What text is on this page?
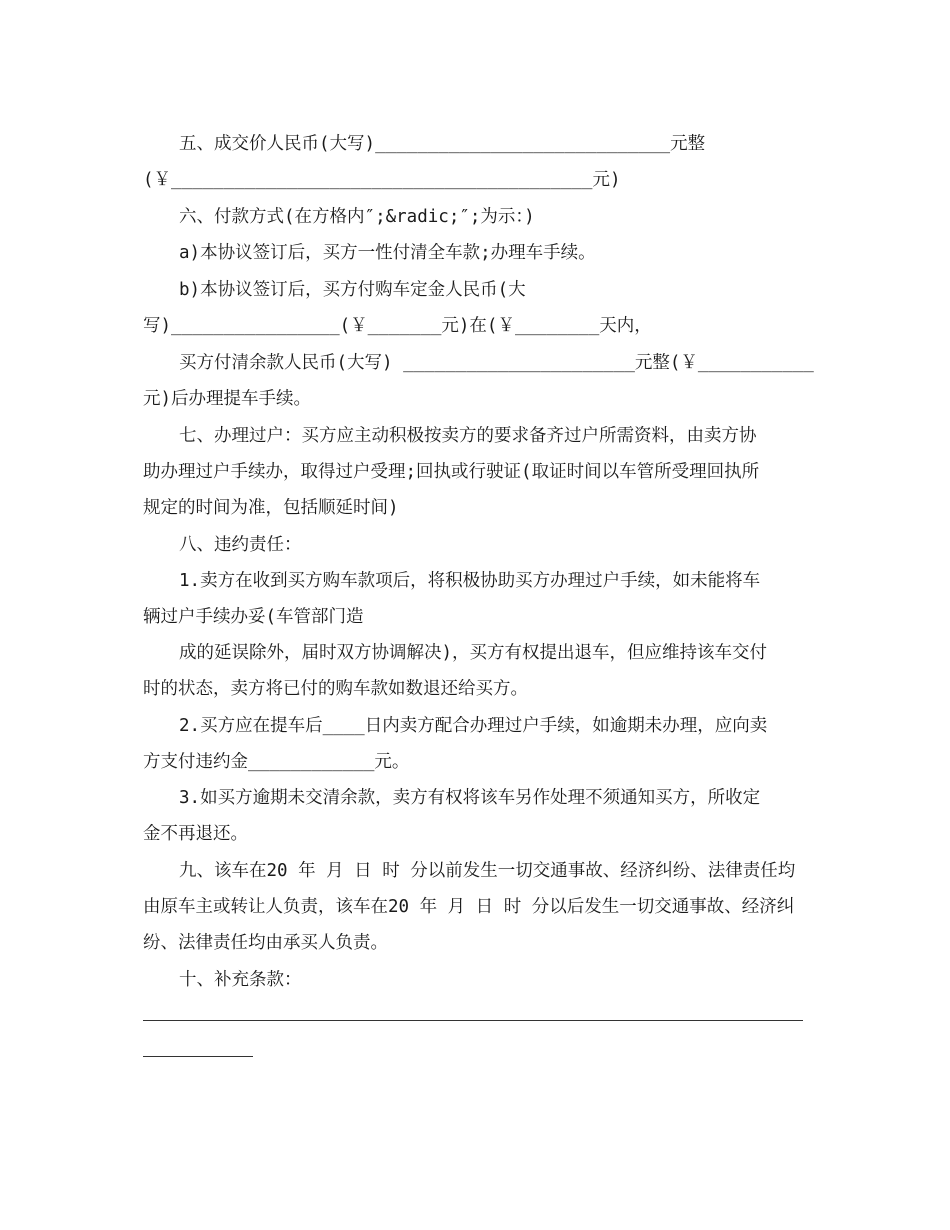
五、成交价人民币(大写)____________________________元整
(￥________________________________________元)
六、付款方式(在方格内″;&radic;″;为示：)
a)本协议签订后，买方一性付清全车款;办理车手续。
b)本协议签订后，买方付购车定金人民币(大
写)________________(￥_______元)在(￥________天内，
买方付清余款人民币(大写) ______________________元整(￥___________
元)后办理提车手续。
七、办理过户：买方应主动积极按卖方的要求备齐过户所需资料，由卖方协
助办理过户手续办，取得过户受理;回执或行驶证(取证时间以车管所受理回执所
规定的时间为准，包括顺延时间)
八、违约责任：
1.卖方在收到买方购车款项后，将积极协助买方办理过户手续，如未能将车
辆过户手续办妥(车管部门造
成的延误除外，届时双方协调解决)，买方有权提出退车，但应维持该车交付
时的状态，卖方将已付的购车款如数退还给买方。
2.买方应在提车后____日内卖方配合办理过户手续，如逾期未办理，应向卖
方支付违约金____________元。
3.如买方逾期未交清余款，卖方有权将该车另作处理不须通知买方，所收定
金不再退还。
九、该车在20 年 月 日 时 分以前发生一切交通事故、经济纠纷、法律责任均
由原车主或转让人负责，该车在20 年 月 日 时 分以后发生一切交通事故、经济纠
纷、法律责任均由承买人负责。
十、补充条款：
